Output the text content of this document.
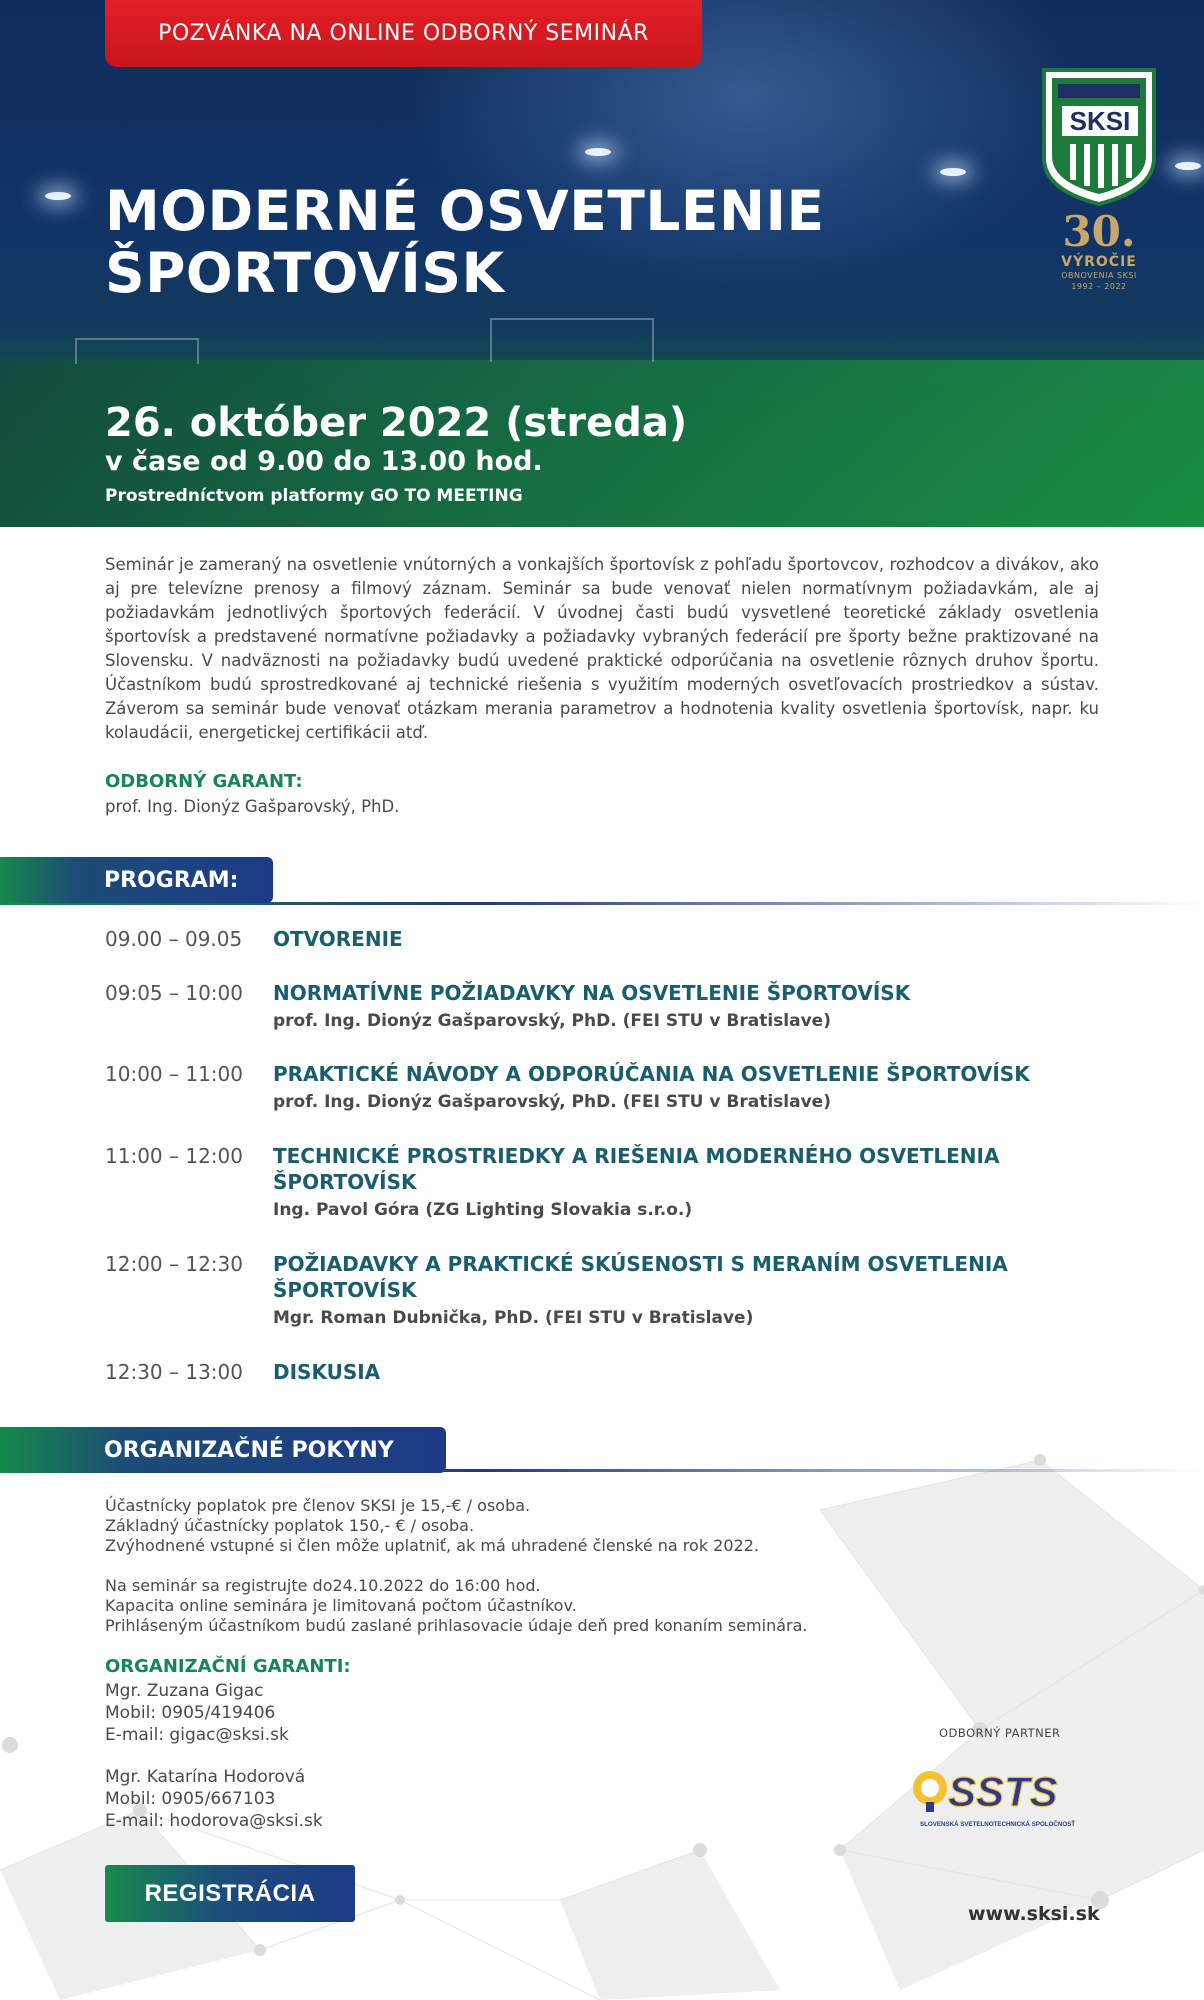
POZVÁNKA NA ONLINE ODBORNÝ SEMINÁR
MODERNÉ OSVETLENIE
ŠPORTOVÍSK
26. október 2022 (streda)
v čase od 9.00 do 13.00 hod.
Prostredníctvom platformy GO TO MEETING
SKSI
30.
VÝROČIE
OBNOVENIA SKSI
1992 – 2022

Seminár je zameraný na osvetlenie vnútorných a vonkajších športovísk z pohľadu športovcov, rozhodcov a divákov, ako aj pre televízne prenosy a filmový záznam. Seminár sa bude venovať nielen normatívnym požiadavkám, ale aj požiadavkám jednotlivých športových federácií. V úvodnej časti budú vysvetlené teoretické základy osvetlenia športovísk a predstavené normatívne požiadavky a požiadavky vybraných federácií pre športy bežne praktizované na Slovensku. V nadväznosti na požiadavky budú uvedené praktické odporúčania na osvetlenie rôznych druhov športu. Účastníkom budú sprostredkované aj technické riešenia s využitím moderných osvetľovacích prostriedkov a sústav. Záverom sa seminár bude venovať otázkam merania parametrov a hodnotenia kvality osvetlenia športovísk, napr. ku kolaudácii, energetickej certifikácii atď.

ODBORNÝ GARANT:
prof. Ing. Dionýz Gašparovský, PhD.
PROGRAM:
09.00 – 09.05 OTVORENIE
09:05 – 10:00 NORMATÍVNE POŽIADAVKY NA OSVETLENIE ŠPORTOVÍSK
prof. Ing. Dionýz Gašparovský, PhD. (FEI STU v Bratislave)
10:00 – 11:00 PRAKTICKÉ NÁVODY A ODPORÚČANIA NA OSVETLENIE ŠPORTOVÍSK
prof. Ing. Dionýz Gašparovský, PhD. (FEI STU v Bratislave)
11:00 – 12:00 TECHNICKÉ PROSTRIEDKY A RIEŠENIA MODERNÉHO OSVETLENIA ŠPORTOVÍSK
Ing. Pavol Góra (ZG Lighting Slovakia s.r.o.)
12:00 – 12:30 POŽIADAVKY A PRAKTICKÉ SKÚSENOSTI S MERANÍM OSVETLENIA ŠPORTOVÍSK
Mgr. Roman Dubnička, PhD. (FEI STU v Bratislave)
12:30 – 13:00 DISKUSIA
ORGANIZAČNÉ POKYNY
Účastnícky poplatok pre členov SKSI je 15,-€ / osoba.
Základný účastnícky poplatok 150,- € / osoba.
Zvýhodnené vstupné si člen môže uplatniť, ak má uhradené členské na rok 2022.
Na seminár sa registrujte do24.10.2022 do 16:00 hod.
Kapacita online seminára je limitovaná počtom účastníkov.
Prihláseným účastníkom budú zaslané prihlasovacie údaje deň pred konaním seminára.
ORGANIZAČNÍ GARANTI:
Mgr. Zuzana Gigac
Mobil: 0905/419406
E-mail: gigac@sksi.sk
Mgr. Katarína Hodorová
Mobil: 0905/667103
E-mail: hodorova@sksi.sk
ODBORNÝ PARTNER
SSTS
SLOVENSKÁ SVETELNOTECHNICKÁ SPOLOČNOSŤ
REGISTRÁCIA
www.sksi.sk
